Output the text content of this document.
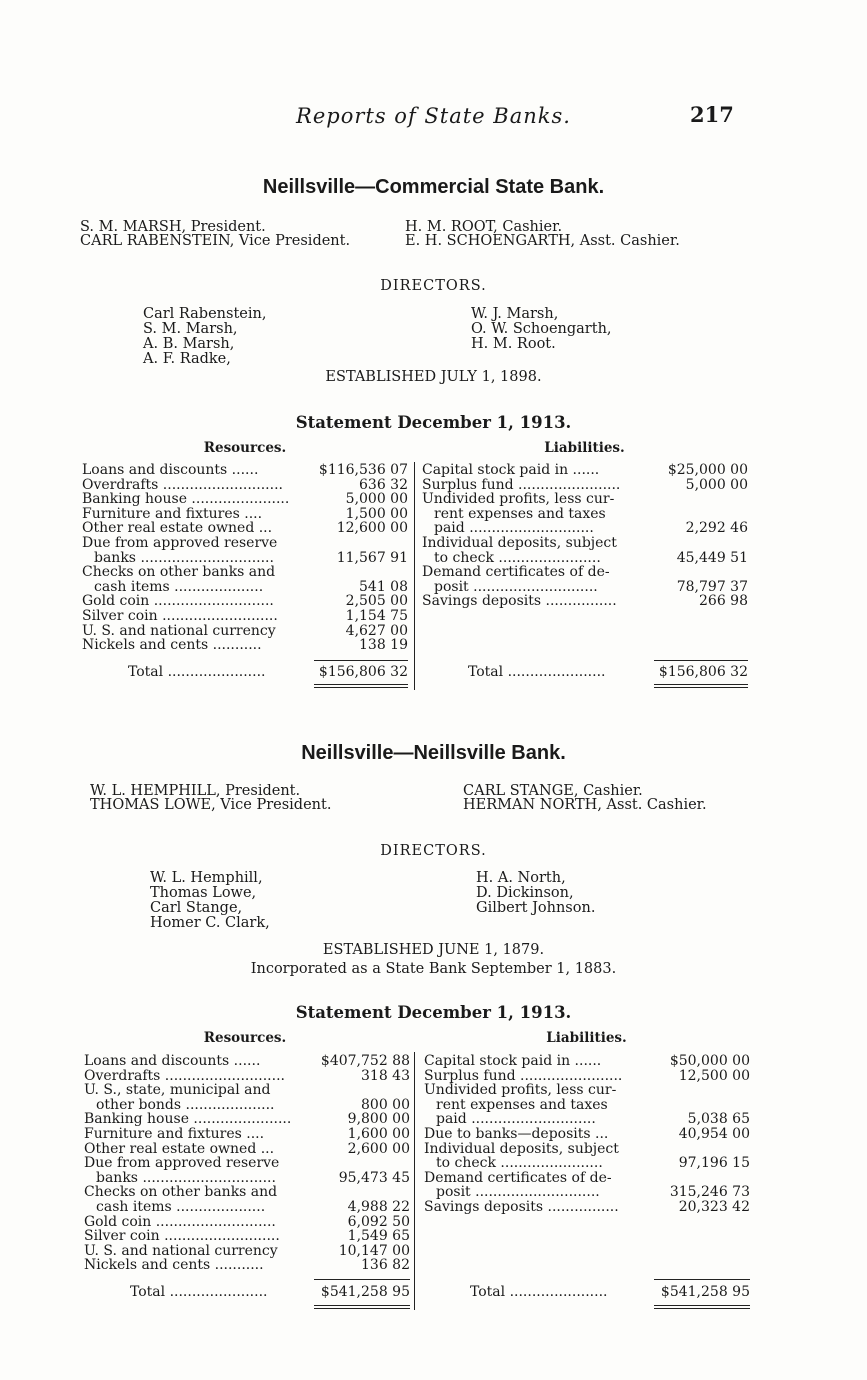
Reports of State Banks.	217
Neillsville—Commercial State Bank.
S. M. MARSH, President.
CARL RABENSTEIN, Vice President.
H. M. ROOT, Cashier.
E. H. SCHOENGARTH, Asst. Cashier.
DIRECTORS.
Carl Rabenstein,
S. M. Marsh,
A. B. Marsh,
A. F. Radke,
W. J. Marsh,
O. W. Schoengarth,
H. M. Root.
ESTABLISHED JULY 1, 1898.
Statement December 1, 1913.
Resources.	Liabilities.
Loans and discounts ......	$116,536 07
Overdrafts ...........................	636 32
Banking house ......................	5,000 00
Furniture and fixtures ....	1,500 00
Other real estate owned ...	12,600 00
Due from approved reserve
banks ..............................	11,567 91
Checks on other banks and
cash items ....................	541 08
Gold coin ...........................	2,505 00
Silver coin ..........................	1,154 75
U. S. and national currency	4,627 00
Nickels and cents ...........	138 19
Capital stock paid in ......	$25,000 00
Surplus fund .......................	5,000 00
Undivided profits, less cur-
rent expenses and taxes
paid ............................	2,292 46
Individual deposits, subject
to check .......................	45,449 51
Demand certificates of de-
posit ............................	78,797 37
Savings deposits ................	266 98
Total ......................	$156,806 32	Total ......................	$156,806 32
Neillsville—Neillsville Bank.
W. L. HEMPHILL, President.
THOMAS LOWE, Vice President.
CARL STANGE, Cashier.
HERMAN NORTH, Asst. Cashier.
DIRECTORS.
W. L. Hemphill,
Thomas Lowe,
Carl Stange,
Homer C. Clark,
H. A. North,
D. Dickinson,
Gilbert Johnson.
ESTABLISHED JUNE 1, 1879.
Incorporated as a State Bank September 1, 1883.
Statement December 1, 1913.
Resources.	Liabilities.
Loans and discounts ......	$407,752 88
Overdrafts ...........................	318 43
U. S., state, municipal and
other bonds ....................	800 00
Banking house ......................	9,800 00
Furniture and fixtures ....	1,600 00
Other real estate owned ...	2,600 00
Due from approved reserve
banks ..............................	95,473 45
Checks on other banks and
cash items ....................	4,988 22
Gold coin ...........................	6,092 50
Silver coin ..........................	1,549 65
U. S. and national currency	10,147 00
Nickels and cents ...........	136 82
Capital stock paid in ......	$50,000 00
Surplus fund .......................	12,500 00
Undivided profits, less cur-
rent expenses and taxes
paid ............................	5,038 65
Due to banks—deposits ...	40,954 00
Individual deposits, subject
to check .......................	97,196 15
Demand certificates of de-
posit ............................	315,246 73
Savings deposits ................	20,323 42
Total ......................	$541,258 95	Total ......................	$541,258 95
